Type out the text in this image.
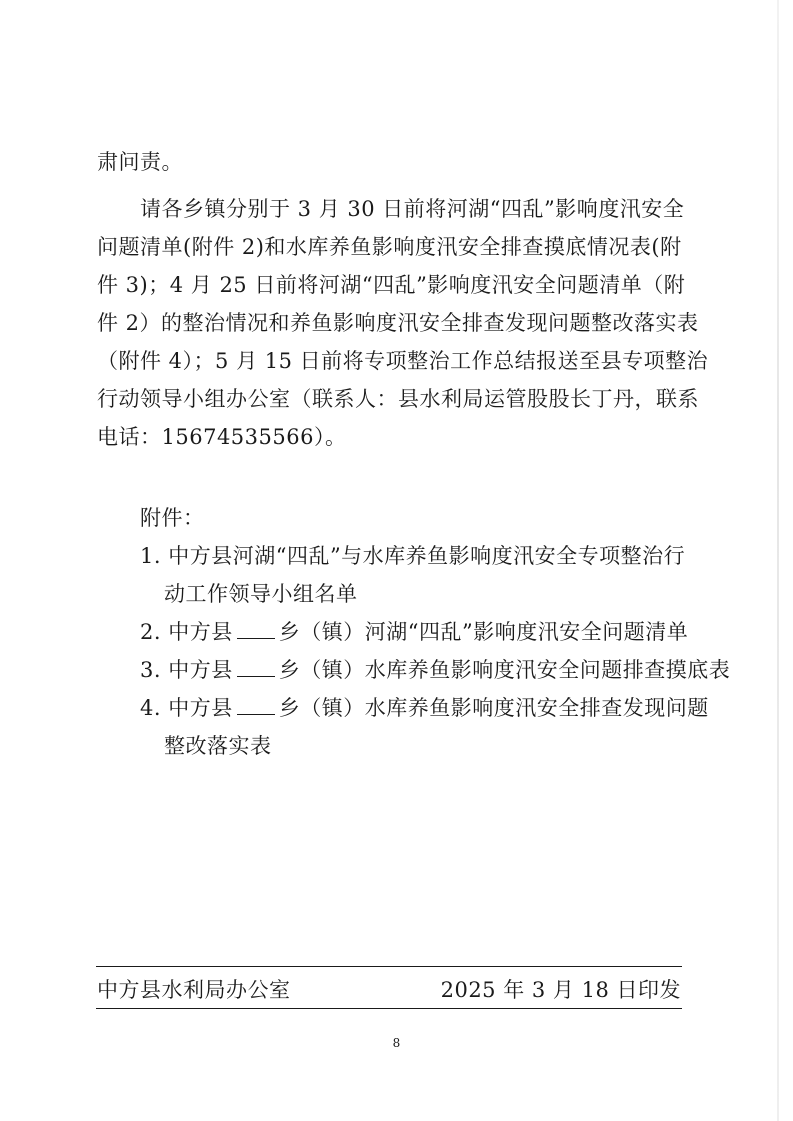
肃问责。
请各乡镇分别于 3 月 30 日前将河湖“四乱”影响度汛安全
问题清单(附件 2)和水库养鱼影响度汛安全排查摸底情况表(附
件 3)；4 月 25 日前将河湖“四乱”影响度汛安全问题清单（附
件 2）的整治情况和养鱼影响度汛安全排查发现问题整改落实表
（附件 4）；5 月 15 日前将专项整治工作总结报送至县专项整治
行动领导小组办公室（联系人：县水利局运管股股长丁丹，联系
电话：15674535566）。
附件：
1. 中方县河湖“四乱”与水库养鱼影响度汛安全专项整治行
动工作领导小组名单
2. 中方县 乡（镇）河湖“四乱”影响度汛安全问题清单
3. 中方县 乡（镇）水库养鱼影响度汛安全问题排查摸底表
4. 中方县 乡（镇）水库养鱼影响度汛安全排查发现问题
整改落实表
中方县水利局办公室	2025 年 3 月 18 日印发
8
